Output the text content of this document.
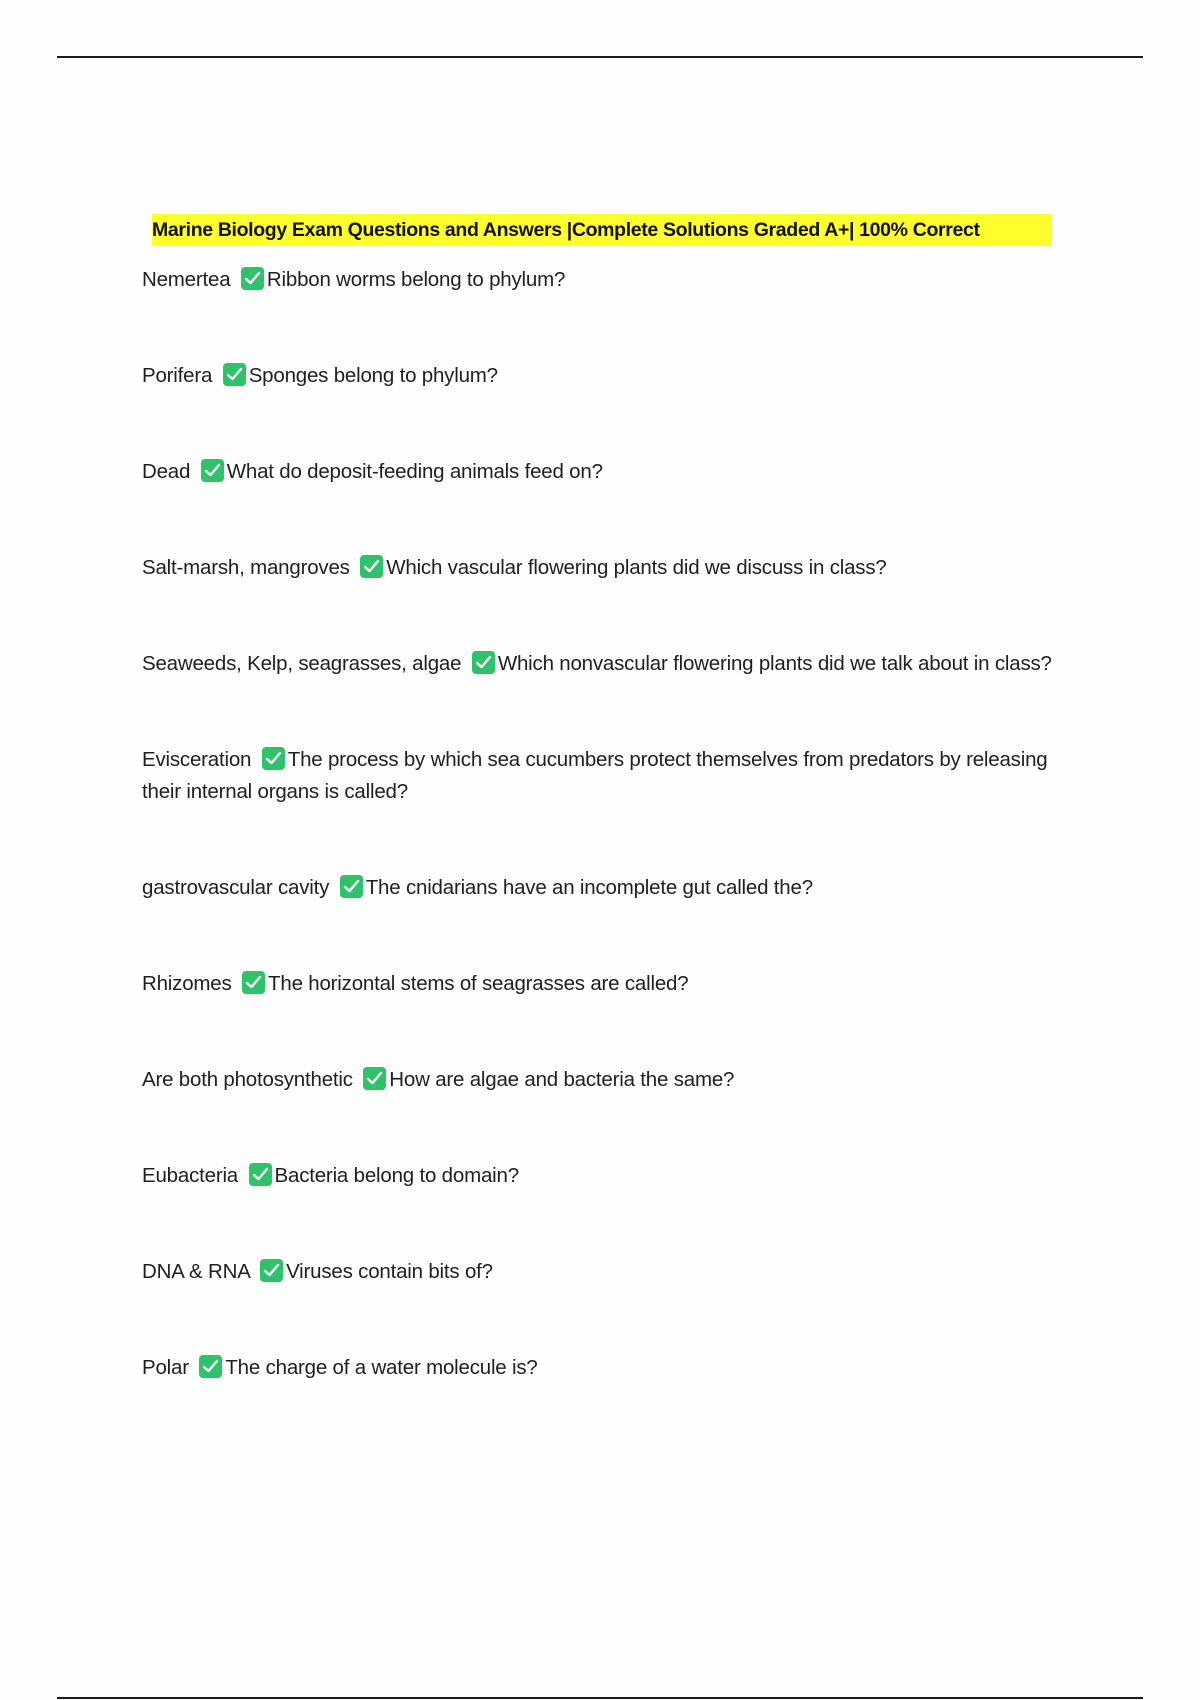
Marine Biology Exam Questions and Answers |Complete Solutions Graded A+| 100% Correct
Nemertea Ribbon worms belong to phylum?
Porifera Sponges belong to phylum?
Dead What do deposit-feeding animals feed on?
Salt-marsh, mangroves Which vascular flowering plants did we discuss in class?
Seaweeds, Kelp, seagrasses, algae Which nonvascular flowering plants did we talk about in class?
Evisceration The process by which sea cucumbers protect themselves from predators by releasing their internal organs is called?
gastrovascular cavity The cnidarians have an incomplete gut called the?
Rhizomes The horizontal stems of seagrasses are called?
Are both photosynthetic How are algae and bacteria the same?
Eubacteria Bacteria belong to domain?
DNA & RNA Viruses contain bits of?
Polar The charge of a water molecule is?
